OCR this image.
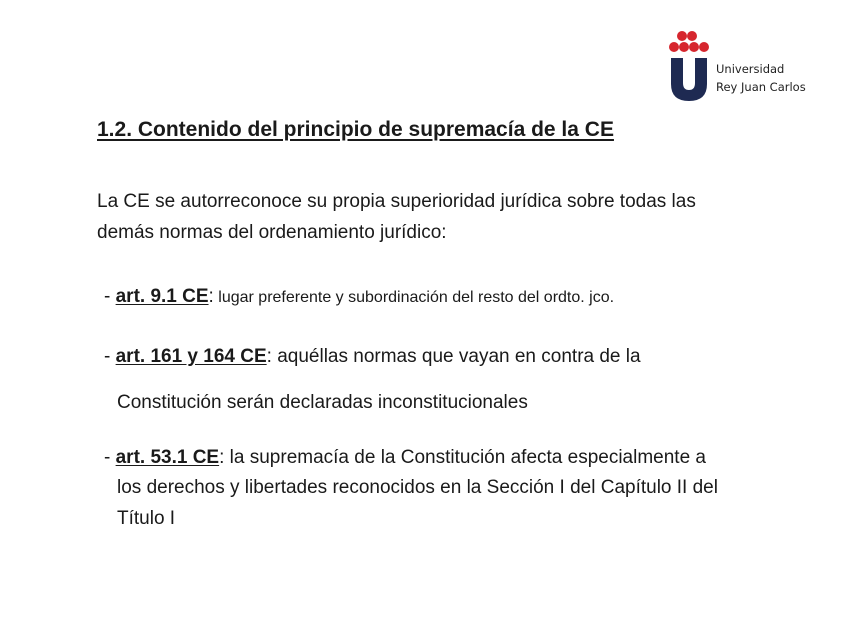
Universidad
Rey Juan Carlos
1.2. Contenido del principio de supremacía de la CE
La CE se autorreconoce su propia superioridad jurídica sobre todas las
demás normas del ordenamiento jurídico:
- art. 9.1 CE: lugar preferente y subordinación del resto del ordto. jco.
- art. 161 y 164 CE: aquéllas normas que vayan en contra de la
Constitución serán declaradas inconstitucionales
- art. 53.1 CE: la supremacía de la Constitución afecta especialmente a
los derechos y libertades reconocidos en la Sección I del Capítulo II del
Título I
